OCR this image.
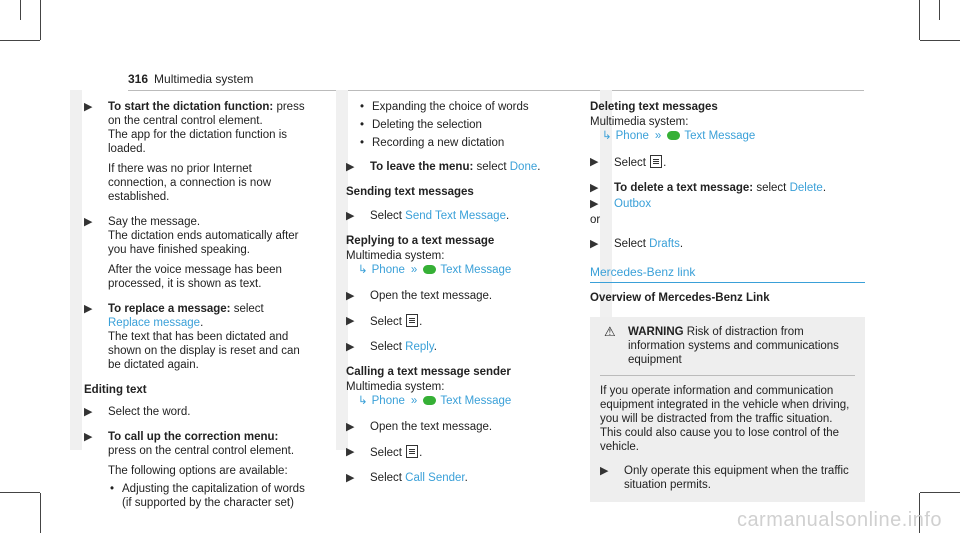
316 Multimedia system
▶ To start the dictation function: press on the central control element.

The app for the dictation function is loaded.

If there was no prior Internet connection, a connection is now established.

▶ Say the message.

The dictation ends automatically after you have finished speaking.

After the voice message has been processed, it is shown as text.

▶ To replace a message: select Replace message.

The text that has been dictated and shown on the display is reset and can be dictated again.

Editing text
▶ Select the word.

▶ To call up the correction menu: press on the central control element.

The following options are available:

• Adjusting the capitalization of words (if supported by the character set)
• Expanding the choice of words
• Deleting the selection
• Recording a new dictation
▶ To leave the menu: select Done.

Sending text messages
▶ Select Send Text Message.

Replying to a text message

Multimedia system:

↳ Phone » Text Message
▶ Open the text message.

▶ Select .

▶ Select Reply.

Calling a text message sender

Multimedia system:

↳ Phone » Text Message
▶ Open the text message.

▶ Select .

▶ Select Call Sender.

Deleting text messages

Multimedia system:

↳ Phone » Text Message
▶ Select .

▶ To delete a text message: select Delete.

▶ Outbox

or

▶ Select Drafts.

Mercedes-Benz link
Overview of Mercedes-Benz Link
⚠ WARNING Risk of distraction from information systems and communications equipment

If you operate information and communication equipment integrated in the vehicle when driving, you will be distracted from the traffic situation. This could also cause you to lose control of the vehicle.

▶ Only operate this equipment when the traffic situation permits.

carmanualsonline.info
